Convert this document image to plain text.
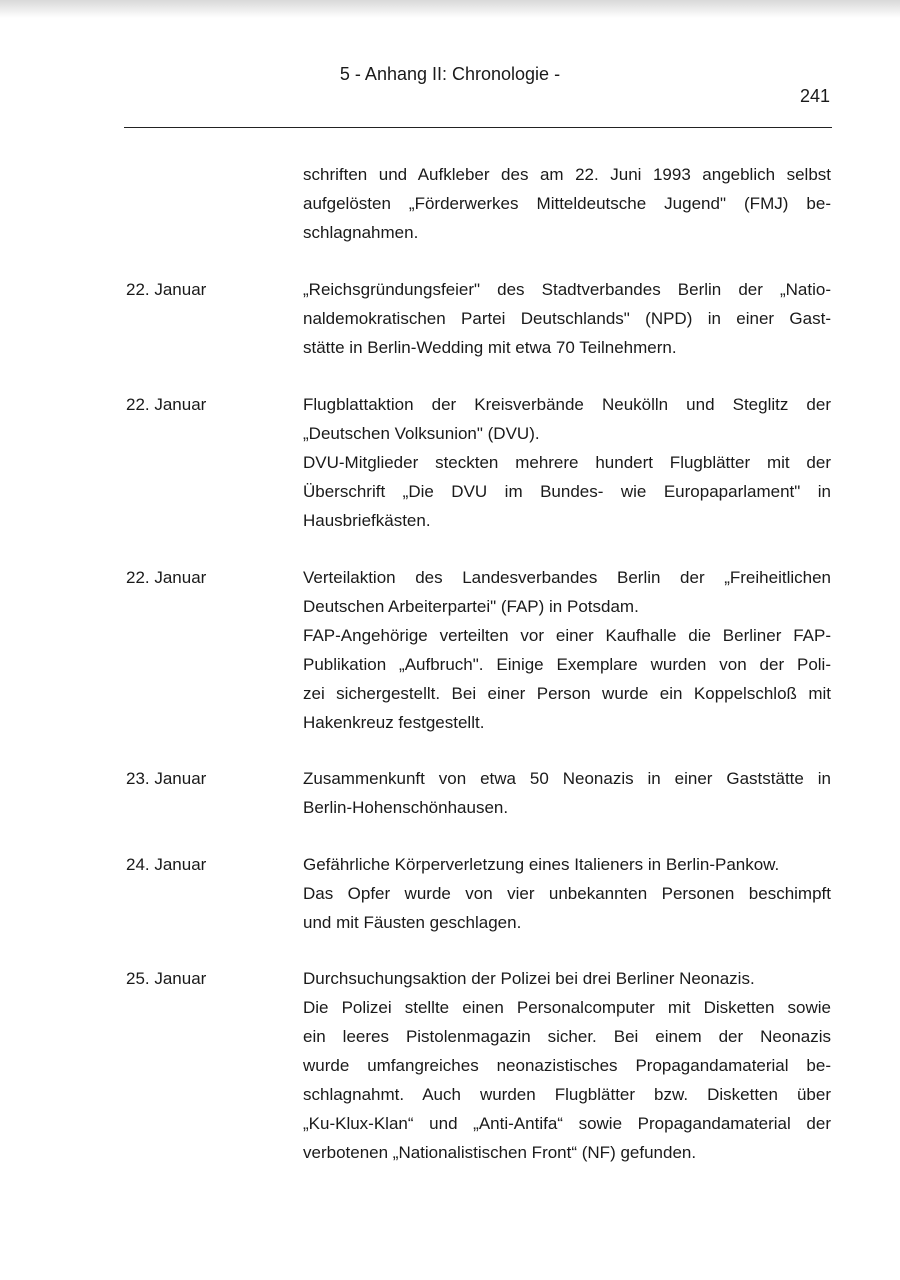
5 - Anhang II: Chronologie -
241
schriften und Aufkleber des am 22. Juni 1993 angeblich selbst
aufgelösten „Förderwerkes Mitteldeutsche Jugend" (FMJ) be-
schlagnahmen.
22. Januar	„Reichsgründungsfeier" des Stadtverbandes Berlin der „Natio-
naldemokratischen Partei Deutschlands" (NPD) in einer Gast-
stätte in Berlin-Wedding mit etwa 70 Teilnehmern.
22. Januar	Flugblattaktion der Kreisverbände Neukölln und Steglitz der
„Deutschen Volksunion" (DVU).
DVU-Mitglieder steckten mehrere hundert Flugblätter mit der
Überschrift „Die DVU im Bundes- wie Europaparlament" in
Hausbriefkästen.
22. Januar	Verteilaktion des Landesverbandes Berlin der „Freiheitlichen
Deutschen Arbeiterpartei" (FAP) in Potsdam.
FAP-Angehörige verteilten vor einer Kaufhalle die Berliner FAP-
Publikation „Aufbruch". Einige Exemplare wurden von der Poli-
zei sichergestellt. Bei einer Person wurde ein Koppelschloß mit
Hakenkreuz festgestellt.
23. Januar	Zusammenkunft von etwa 50 Neonazis in einer Gaststätte in
Berlin-Hohenschönhausen.
24. Januar	Gefährliche Körperverletzung eines Italieners in Berlin-Pankow.
Das Opfer wurde von vier unbekannten Personen beschimpft
und mit Fäusten geschlagen.
25. Januar	Durchsuchungsaktion der Polizei bei drei Berliner Neonazis.
Die Polizei stellte einen Personalcomputer mit Disketten sowie
ein leeres Pistolenmagazin sicher. Bei einem der Neonazis
wurde umfangreiches neonazistisches Propagandamaterial be-
schlagnahmt. Auch wurden Flugblätter bzw. Disketten über
„Ku-Klux-Klan“ und „Anti-Antifa“ sowie Propagandamaterial der
verbotenen „Nationalistischen Front“ (NF) gefunden.
